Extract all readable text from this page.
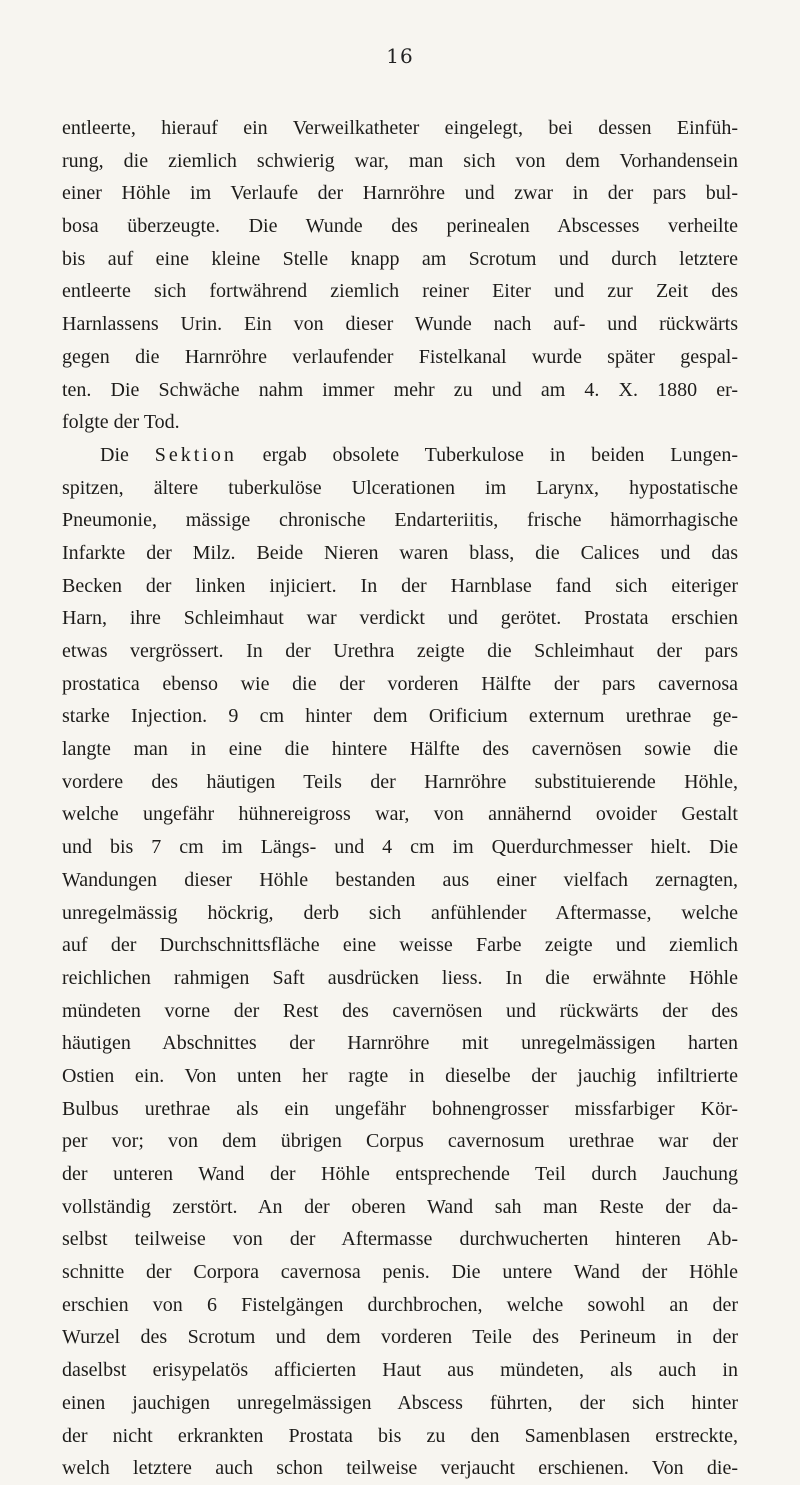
16
entleerte, hierauf ein Verweilkatheter eingelegt, bei dessen Einfüh-
rung, die ziemlich schwierig war, man sich von dem Vorhandensein
einer Höhle im Verlaufe der Harnröhre und zwar in der pars bul-
bosa überzeugte. Die Wunde des perinealen Abscesses verheilte
bis auf eine kleine Stelle knapp am Scrotum und durch letztere
entleerte sich fortwährend ziemlich reiner Eiter und zur Zeit des
Harnlassens Urin. Ein von dieser Wunde nach auf- und rückwärts
gegen die Harnröhre verlaufender Fistelkanal wurde später gespal-
ten. Die Schwäche nahm immer mehr zu und am 4. X. 1880 er-
folgte der Tod.
Die Sektion ergab obsolete Tuberkulose in beiden Lungen-
spitzen, ältere tuberkulöse Ulcerationen im Larynx, hypostatische
Pneumonie, mässige chronische Endarteriitis, frische hämorrhagische
Infarkte der Milz. Beide Nieren waren blass, die Calices und das
Becken der linken injiciert. In der Harnblase fand sich eiteriger
Harn, ihre Schleimhaut war verdickt und gerötet. Prostata erschien
etwas vergrössert. In der Urethra zeigte die Schleimhaut der pars
prostatica ebenso wie die der vorderen Hälfte der pars cavernosa
starke Injection. 9 cm hinter dem Orificium externum urethrae ge-
langte man in eine die hintere Hälfte des cavernösen sowie die
vordere des häutigen Teils der Harnröhre substituierende Höhle,
welche ungefähr hühnereigross war, von annähernd ovoider Gestalt
und bis 7 cm im Längs- und 4 cm im Querdurchmesser hielt. Die
Wandungen dieser Höhle bestanden aus einer vielfach zernagten,
unregelmässig höckrig, derb sich anfühlender Aftermasse, welche
auf der Durchschnittsfläche eine weisse Farbe zeigte und ziemlich
reichlichen rahmigen Saft ausdrücken liess. In die erwähnte Höhle
mündeten vorne der Rest des cavernösen und rückwärts der des
häutigen Abschnittes der Harnröhre mit unregelmässigen harten
Ostien ein. Von unten her ragte in dieselbe der jauchig infiltrierte
Bulbus urethrae als ein ungefähr bohnengrosser missfarbiger Kör-
per vor; von dem übrigen Corpus cavernosum urethrae war der
der unteren Wand der Höhle entsprechende Teil durch Jauchung
vollständig zerstört. An der oberen Wand sah man Reste der da-
selbst teilweise von der Aftermasse durchwucherten hinteren Ab-
schnitte der Corpora cavernosa penis. Die untere Wand der Höhle
erschien von 6 Fistelgängen durchbrochen, welche sowohl an der
Wurzel des Scrotum und dem vorderen Teile des Perineum in der
daselbst erisypelatös afficierten Haut aus mündeten, als auch in
einen jauchigen unregelmässigen Abscess führten, der sich hinter
der nicht erkrankten Prostata bis zu den Samenblasen erstreckte,
welch letztere auch schon teilweise verjaucht erschienen. Von die-
